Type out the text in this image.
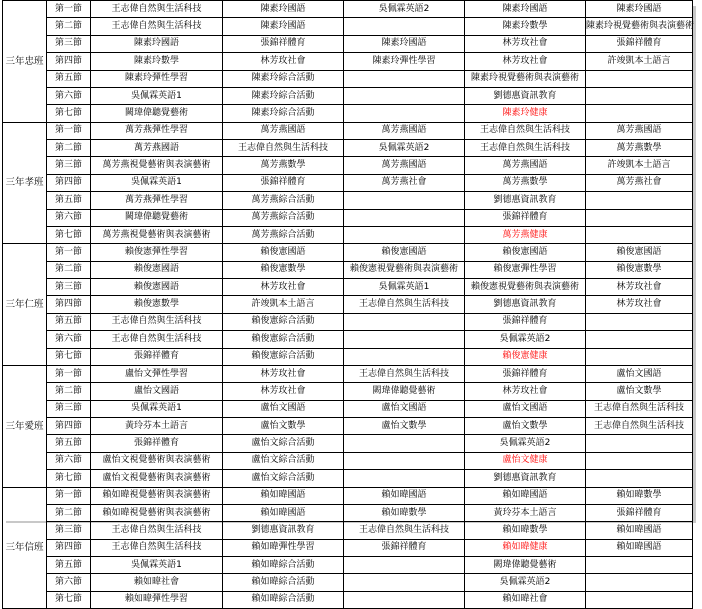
三年忠班	第一節	王志偉自然與生活科技	陳素玲國語	吳佩霖英語2	陳素玲國語	陳素玲國語
	第二節	王志偉自然與生活科技	陳素玲國語		陳素玲數學	陳素玲視覺藝術與表演藝術
	第三節	陳素玲國語	張錦祥體育	陳素玲國語	林芳玫社會	張錦祥體育
	第四節	陳素玲數學	林芳玫社會	陳素玲彈性學習	林芳玫社會	許竣凱本土語言
	第五節	陳素玲彈性學習	陳素玲綜合活動		陳素玲視覺藝術與表演藝術	
	第六節	吳佩霖英語1	陳素玲綜合活動		劉德惠資訊教育	
	第七節	闕瑋偉聽覺藝術	陳素玲綜合活動		陳素玲健康	
三年孝班	第一節	萬芳燕彈性學習	萬芳燕國語	萬芳燕國語	王志偉自然與生活科技	萬芳燕國語
	第二節	萬芳燕國語	王志偉自然與生活科技	吳佩霖英語2	王志偉自然與生活科技	萬芳燕數學
	第三節	萬芳燕視覺藝術與表演藝術	萬芳燕數學	萬芳燕國語	萬芳燕國語	許竣凱本土語言
	第四節	吳佩霖英語1	張錦祥體育	萬芳燕社會	萬芳燕數學	萬芳燕社會
	第五節	萬芳燕彈性學習	萬芳燕綜合活動		劉德惠資訊教育	
	第六節	闕瑋偉聽覺藝術	萬芳燕綜合活動		張錦祥體育	
	第七節	萬芳燕視覺藝術與表演藝術	萬芳燕綜合活動		萬芳燕健康	
三年仁班	第一節	賴俊憲彈性學習	賴俊憲國語	賴俊憲國語	賴俊憲國語	賴俊憲國語
	第二節	賴俊憲國語	賴俊憲數學	賴俊憲視覺藝術與表演藝術	賴俊憲彈性學習	賴俊憲數學
	第三節	賴俊憲國語	林芳玫社會	吳佩霖英語1	賴俊憲視覺藝術與表演藝術	林芳玫社會
	第四節	賴俊憲數學	許竣凱本土語言	王志偉自然與生活科技	劉德惠資訊教育	林芳玫社會
	第五節	王志偉自然與生活科技	賴俊憲綜合活動		張錦祥體育	
	第六節	王志偉自然與生活科技	賴俊憲綜合活動		吳佩霖英語2	
	第七節	張錦祥體育	賴俊憲綜合活動		賴俊憲健康	
三年愛班	第一節	盧怡文彈性學習	林芳玫社會	王志偉自然與生活科技	張錦祥體育	盧怡文國語
	第二節	盧怡文國語	林芳玫社會	闕瑋偉聽覺藝術	林芳玫社會	盧怡文數學
	第三節	吳佩霖英語1	盧怡文國語	盧怡文國語	盧怡文國語	王志偉自然與生活科技
	第四節	黃玲芬本土語言	盧怡文數學	盧怡文數學	盧怡文數學	王志偉自然與生活科技
	第五節	張錦祥體育	盧怡文綜合活動		吳佩霖英語2	
	第六節	盧怡文視覺藝術與表演藝術	盧怡文綜合活動		盧怡文健康	
	第七節	盧怡文視覺藝術與表演藝術	盧怡文綜合活動		劉德惠資訊教育	
三年信班	第一節	賴如暐視覺藝術與表演藝術	賴如暐國語	賴如暐國語	賴如暐國語	賴如暐數學
	第二節	賴如暐視覺藝術與表演藝術	賴如暐國語	賴如暐數學	黃玲芬本土語言	張錦祥體育
	第三節	王志偉自然與生活科技	劉德惠資訊教育	王志偉自然與生活科技	賴如暐數學	賴如暐國語
	第四節	王志偉自然與生活科技	賴如暐彈性學習	張錦祥體育	賴如暐健康	賴如暐國語
	第五節	吳佩霖英語1	賴如暐綜合活動		闕瑋偉聽覺藝術	
	第六節	賴如暐社會	賴如暐綜合活動		吳佩霖英語2	
	第七節	賴如暐彈性學習	賴如暐綜合活動		賴如暐社會	
